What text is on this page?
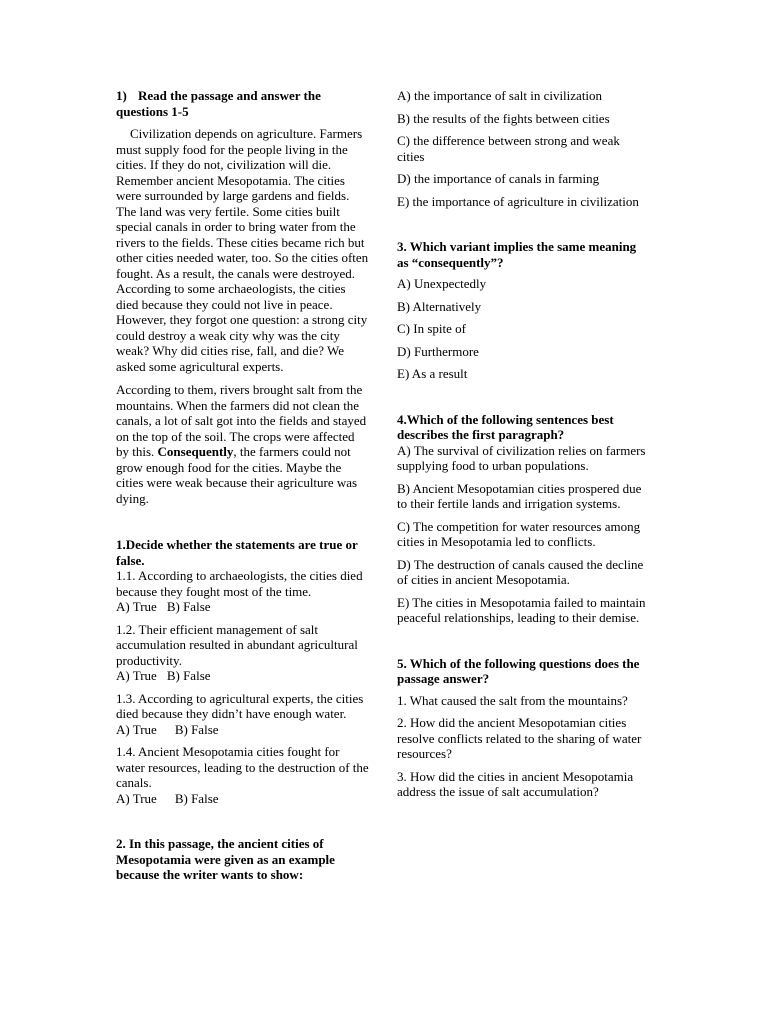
1) Read the passage and answer the questions 1-5

Civilization depends on agriculture. Farmers must supply food for the people living in the cities. If they do not, civilization will die. Remember ancient Mesopotamia. The cities were surrounded by large gardens and fields. The land was very fertile. Some cities built special canals in order to bring water from the rivers to the fields. These cities became rich but other cities needed water, too. So the cities often fought. As a result, the canals were destroyed. According to some archaeologists, the cities died because they could not live in peace. However, they forgot one question: a strong city could destroy a weak city why was the city weak? Why did cities rise, fall, and die? We asked some agricultural experts.

According to them, rivers brought salt from the mountains. When the farmers did not clean the canals, a lot of salt got into the fields and stayed on the top of the soil. The crops were affected by this. Consequently, the farmers could not grow enough food for the cities. Maybe the cities were weak because their agriculture was dying.

1.Decide whether the statements are true or false.

1.1. According to archaeologists, the cities died because they fought most of the time.

A) True B) False

1.2. Their efficient management of salt accumulation resulted in abundant agricultural productivity.

A) True B) False

1.3. According to agricultural experts, the cities died because they didn’t have enough water.

A) True B) False

1.4. Ancient Mesopotamia cities fought for water resources, leading to the destruction of the canals.

A) True B) False

2. In this passage, the ancient cities of Mesopotamia were given as an example because the writer wants to show:

A) the importance of salt in civilization

B) the results of the fights between cities

C) the difference between strong and weak cities

D) the importance of canals in farming

E) the importance of agriculture in civilization

3. Which variant implies the same meaning as “consequently”?

A) Unexpectedly

B) Alternatively

C) In spite of

D) Furthermore

E) As a result

4.Which of the following sentences best describes the first paragraph?

A) The survival of civilization relies on farmers supplying food to urban populations.

B) Ancient Mesopotamian cities prospered due to their fertile lands and irrigation systems.

C) The competition for water resources among cities in Mesopotamia led to conflicts.

D) The destruction of canals caused the decline of cities in ancient Mesopotamia.

E) The cities in Mesopotamia failed to maintain peaceful relationships, leading to their demise.

5. Which of the following questions does the passage answer?

1. What caused the salt from the mountains?

2. How did the ancient Mesopotamian cities resolve conflicts related to the sharing of water resources?

3. How did the cities in ancient Mesopotamia address the issue of salt accumulation?
